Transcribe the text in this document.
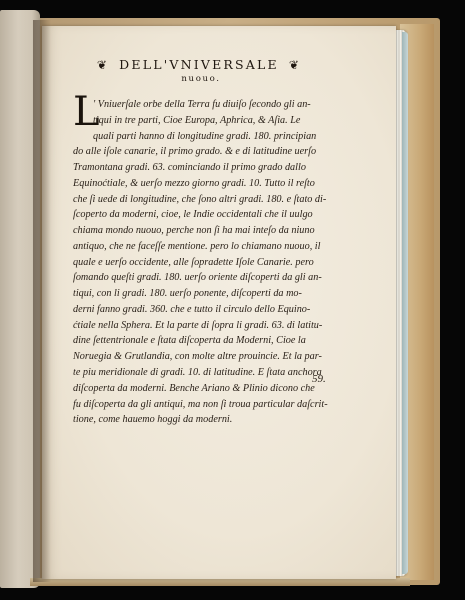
❦ DELL'VNIVERSALE ❦
nuouo.
L
' Vniuerſale orbe della Terra fu diuiſo ſecondo gli an-
tiqui in tre parti, Cioe Europa, Aphrica, & Aſia. Le
quali parti hanno di longitudine gradi. 180. principian
do alle iſole canarie, il primo grado. & e di latitudine uerſo
Tramontana gradi. 63. cominciando il primo grado dallo
Equinoćtiale, & uerſo mezzo giorno gradi. 10. Tutto il reſto
che ſi uede di longitudine, che ſono altri gradi. 180. e ſtato di-
ſcoperto da moderni, cioe, le Indie occidentali che il uulgo
chiama mondo nuouo, perche non ſi ha mai inteſo da niuno
antiquo, che ne faceſſe mentione. pero lo chiamano nuouo, il
quale e uerſo occidente, alle ſopradette Iſole Canarie. pero
ſomando queſti gradi. 180. uerſo oriente diſcoperti da gli an-
tiqui, con li gradi. 180. uerſo ponente, diſcoperti da mo-
derni fanno gradi. 360. che e tutto il circulo dello Equino-
ćtiale nella Sphera. Et la parte di ſopra li gradi. 63. di latitu-
dine ſettentrionale e ſtata diſcoperta da Moderni, Cioe la
Noruegia & Grutlandia, con molte altre prouincie. Et la par-
te piu meridionale di gradi. 10. di latitudine. E ſtata anchora
diſcoperta da moderni. Benche Ariano & Plinio dicono che
fu diſcoperta da gli antiqui, ma non ſi troua particular daſcrit-
tione, come hauemo hoggi da moderni.
59.
